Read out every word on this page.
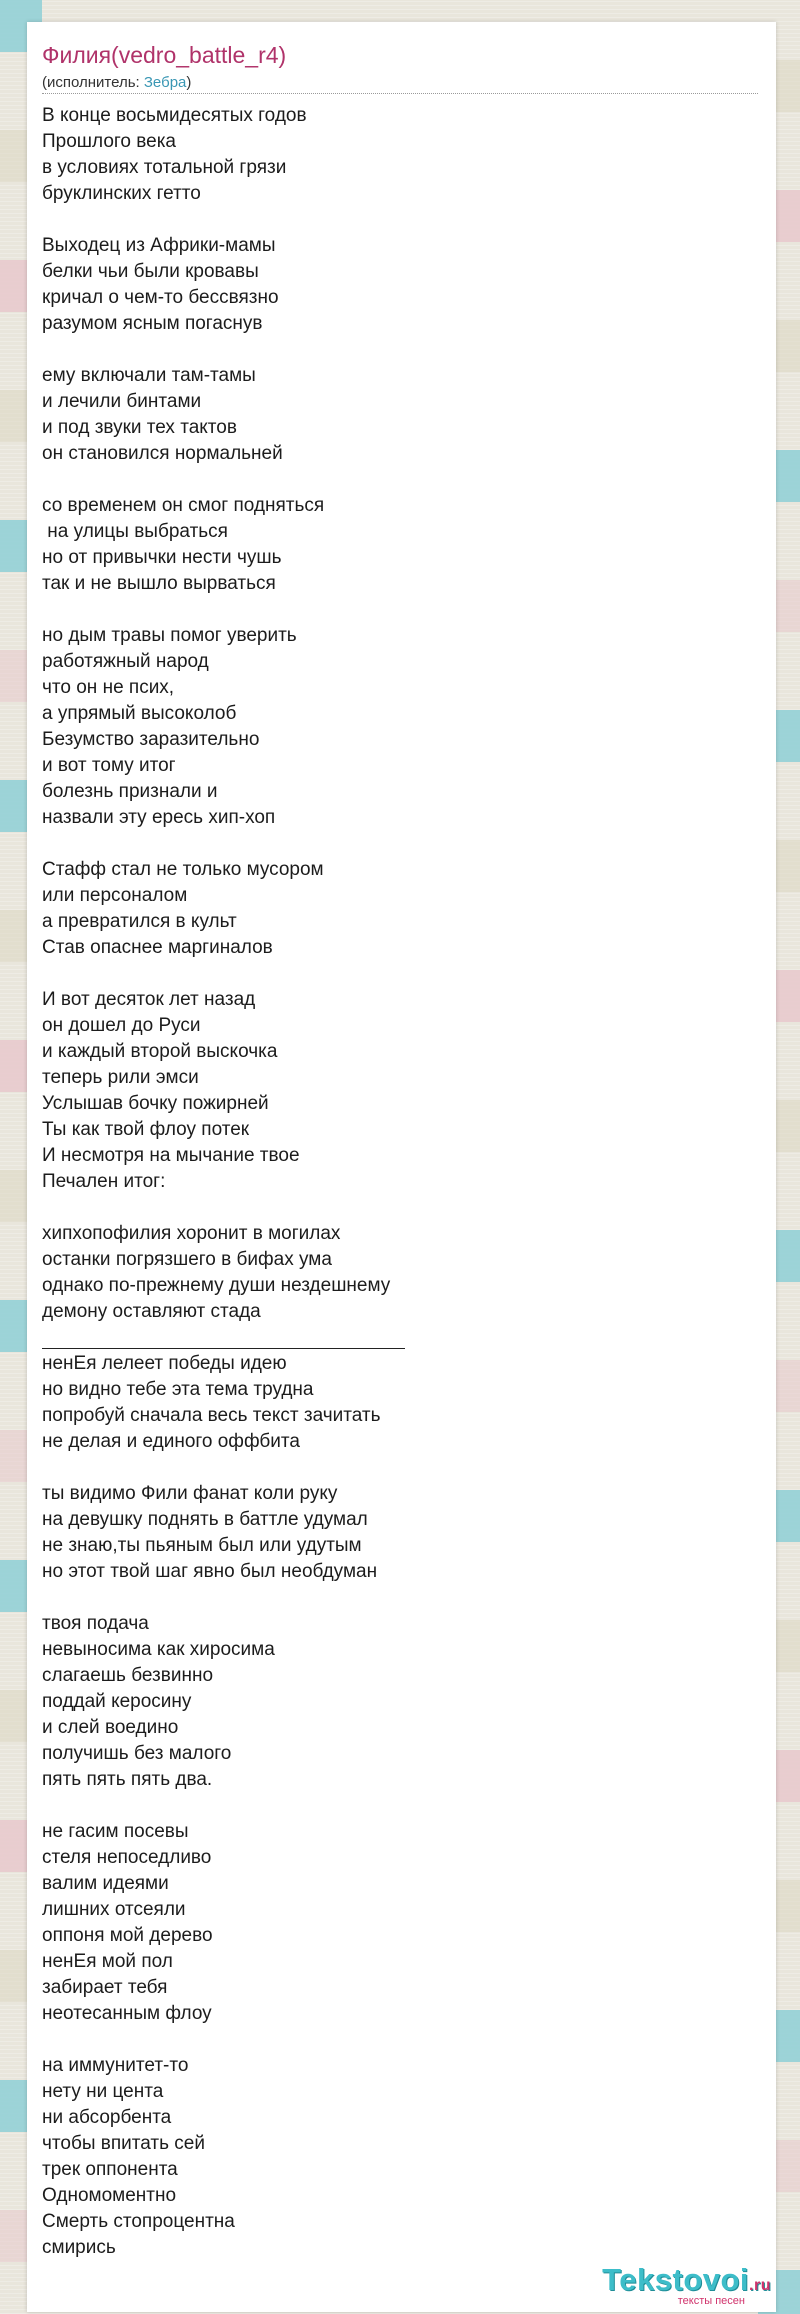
Филия(vedro_battle_r4)
(исполнитель: Зебра)
В конце восьмидесятых годов
Прошлого века
в условиях тотальной грязи
бруклинских гетто
Выходец из Африки-мамы
белки чьи были кровавы
кричал о чем-то бессвязно
разумом ясным погаснув
ему включали там-тамы
и лечили бинтами
и под звуки тех тактов
он становился нормальней
со временем он смог подняться
на улицы выбраться
но от привычки нести чушь
так и не вышло вырваться
но дым травы помог уверить
работяжный народ
что он не псих,
а упрямый высоколоб
Безумство заразительно
и вот тому итог
болезнь признали и
назвали эту ересь хип-хоп
Стафф стал не только мусором
или персоналом
а превратился в культ
Став опаснее маргиналов
И вот десяток лет назад
он дошел до Руси
и каждый второй выскочка
теперь рили эмси
Услышав бочку пожирней
Ты как твой флоу потек
И несмотря на мычание твое
Печален итог:
хипхопофилия хоронит в могилах
останки погрязшего в бифах ума
однако по-прежнему души нездешнему
демону оставляют стада
ненЕя лелеет победы идею
но видно тебе эта тема трудна
попробуй сначала весь текст зачитать
не делая и единого оффбита
ты видимо Фили фанат коли руку
на девушку поднять в баттле удумал
не знаю,ты пьяным был или удутым
но этот твой шаг явно был необдуман
твоя подача
невыносима как хиросима
слагаешь безвинно
поддай керосину
и слей воедино
получишь без малого
пять пять пять два.
не гасим посевы
стеля непоседливо
валим идеями
лишних отсеяли
оппоня мой дерево
ненЕя мой пол
забирает тебя
неотесанным флоу
на иммунитет-то
нету ни цента
ни абсорбента
чтобы впитать сей
трек оппонента
Одномоментно
Смерть стопроцентна
смирись
Tekstovoi.ru
тексты песен
